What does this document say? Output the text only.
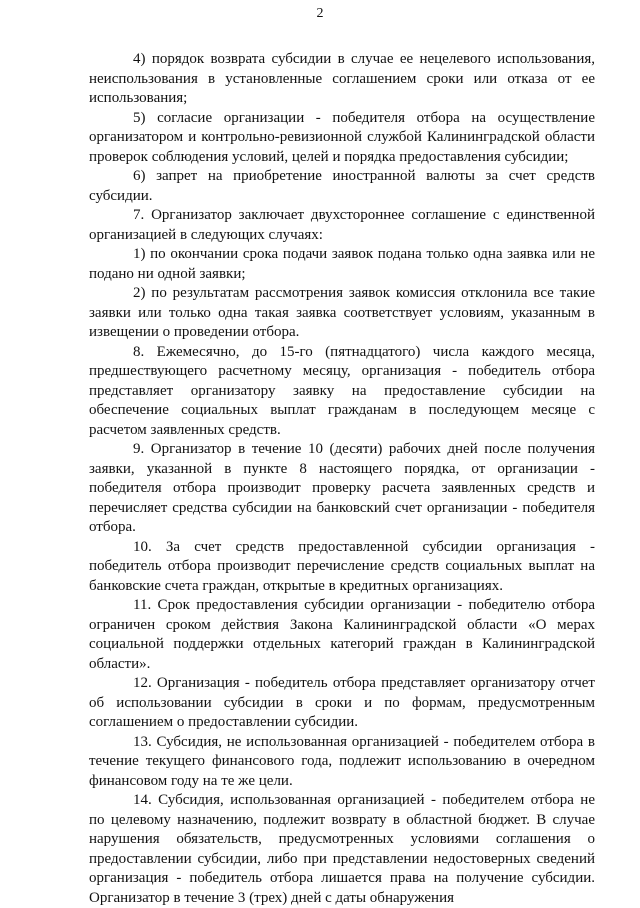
2

4) порядок возврата субсидии в случае ее нецелевого использования, неиспользования в установленные соглашением сроки или отказа от ее использования;

5) согласие организации - победителя отбора на осуществление организатором и контрольно-ревизионной службой Калининградской области проверок соблюдения условий, целей и порядка предоставления субсидии;

6) запрет на приобретение иностранной валюты за счет средств субсидии.

7. Организатор заключает двухстороннее соглашение с единственной организацией в следующих случаях:

1) по окончании срока подачи заявок подана только одна заявка или не подано ни одной заявки;

2) по результатам рассмотрения заявок комиссия отклонила все такие заявки или только одна такая заявка соответствует условиям, указанным в извещении о проведении отбора.

8. Ежемесячно, до 15-го (пятнадцатого) числа каждого месяца, предшествующего расчетному месяцу, организация - победитель отбора представляет организатору заявку на предоставление субсидии на обеспечение социальных выплат гражданам в последующем месяце с расчетом заявленных средств.

9. Организатор в течение 10 (десяти) рабочих дней после получения заявки, указанной в пункте 8 настоящего порядка, от организации - победителя отбора производит проверку расчета заявленных средств и перечисляет средства субсидии на банковский счет организации - победителя отбора.

10. За счет средств предоставленной субсидии организация - победитель отбора производит перечисление средств социальных выплат на банковские счета граждан, открытые в кредитных организациях.

11. Срок предоставления субсидии организации - победителю отбора ограничен сроком действия Закона Калининградской области «О мерах социальной поддержки отдельных категорий граждан в Калининградской области».

12. Организация - победитель отбора представляет организатору отчет об использовании субсидии в сроки и по формам, предусмотренным соглашением о предоставлении субсидии.

13. Субсидия, не использованная организацией - победителем отбора в течение текущего финансового года, подлежит использованию в очередном финансовом году на те же цели.

14. Субсидия, использованная организацией - победителем отбора не по целевому назначению, подлежит возврату в областной бюджет. В случае нарушения обязательств, предусмотренных условиями соглашения о предоставлении субсидии, либо при представлении недостоверных сведений организация - победитель отбора лишается права на получение субсидии. Организатор в течение 3 (трех) дней с даты обнаружения
